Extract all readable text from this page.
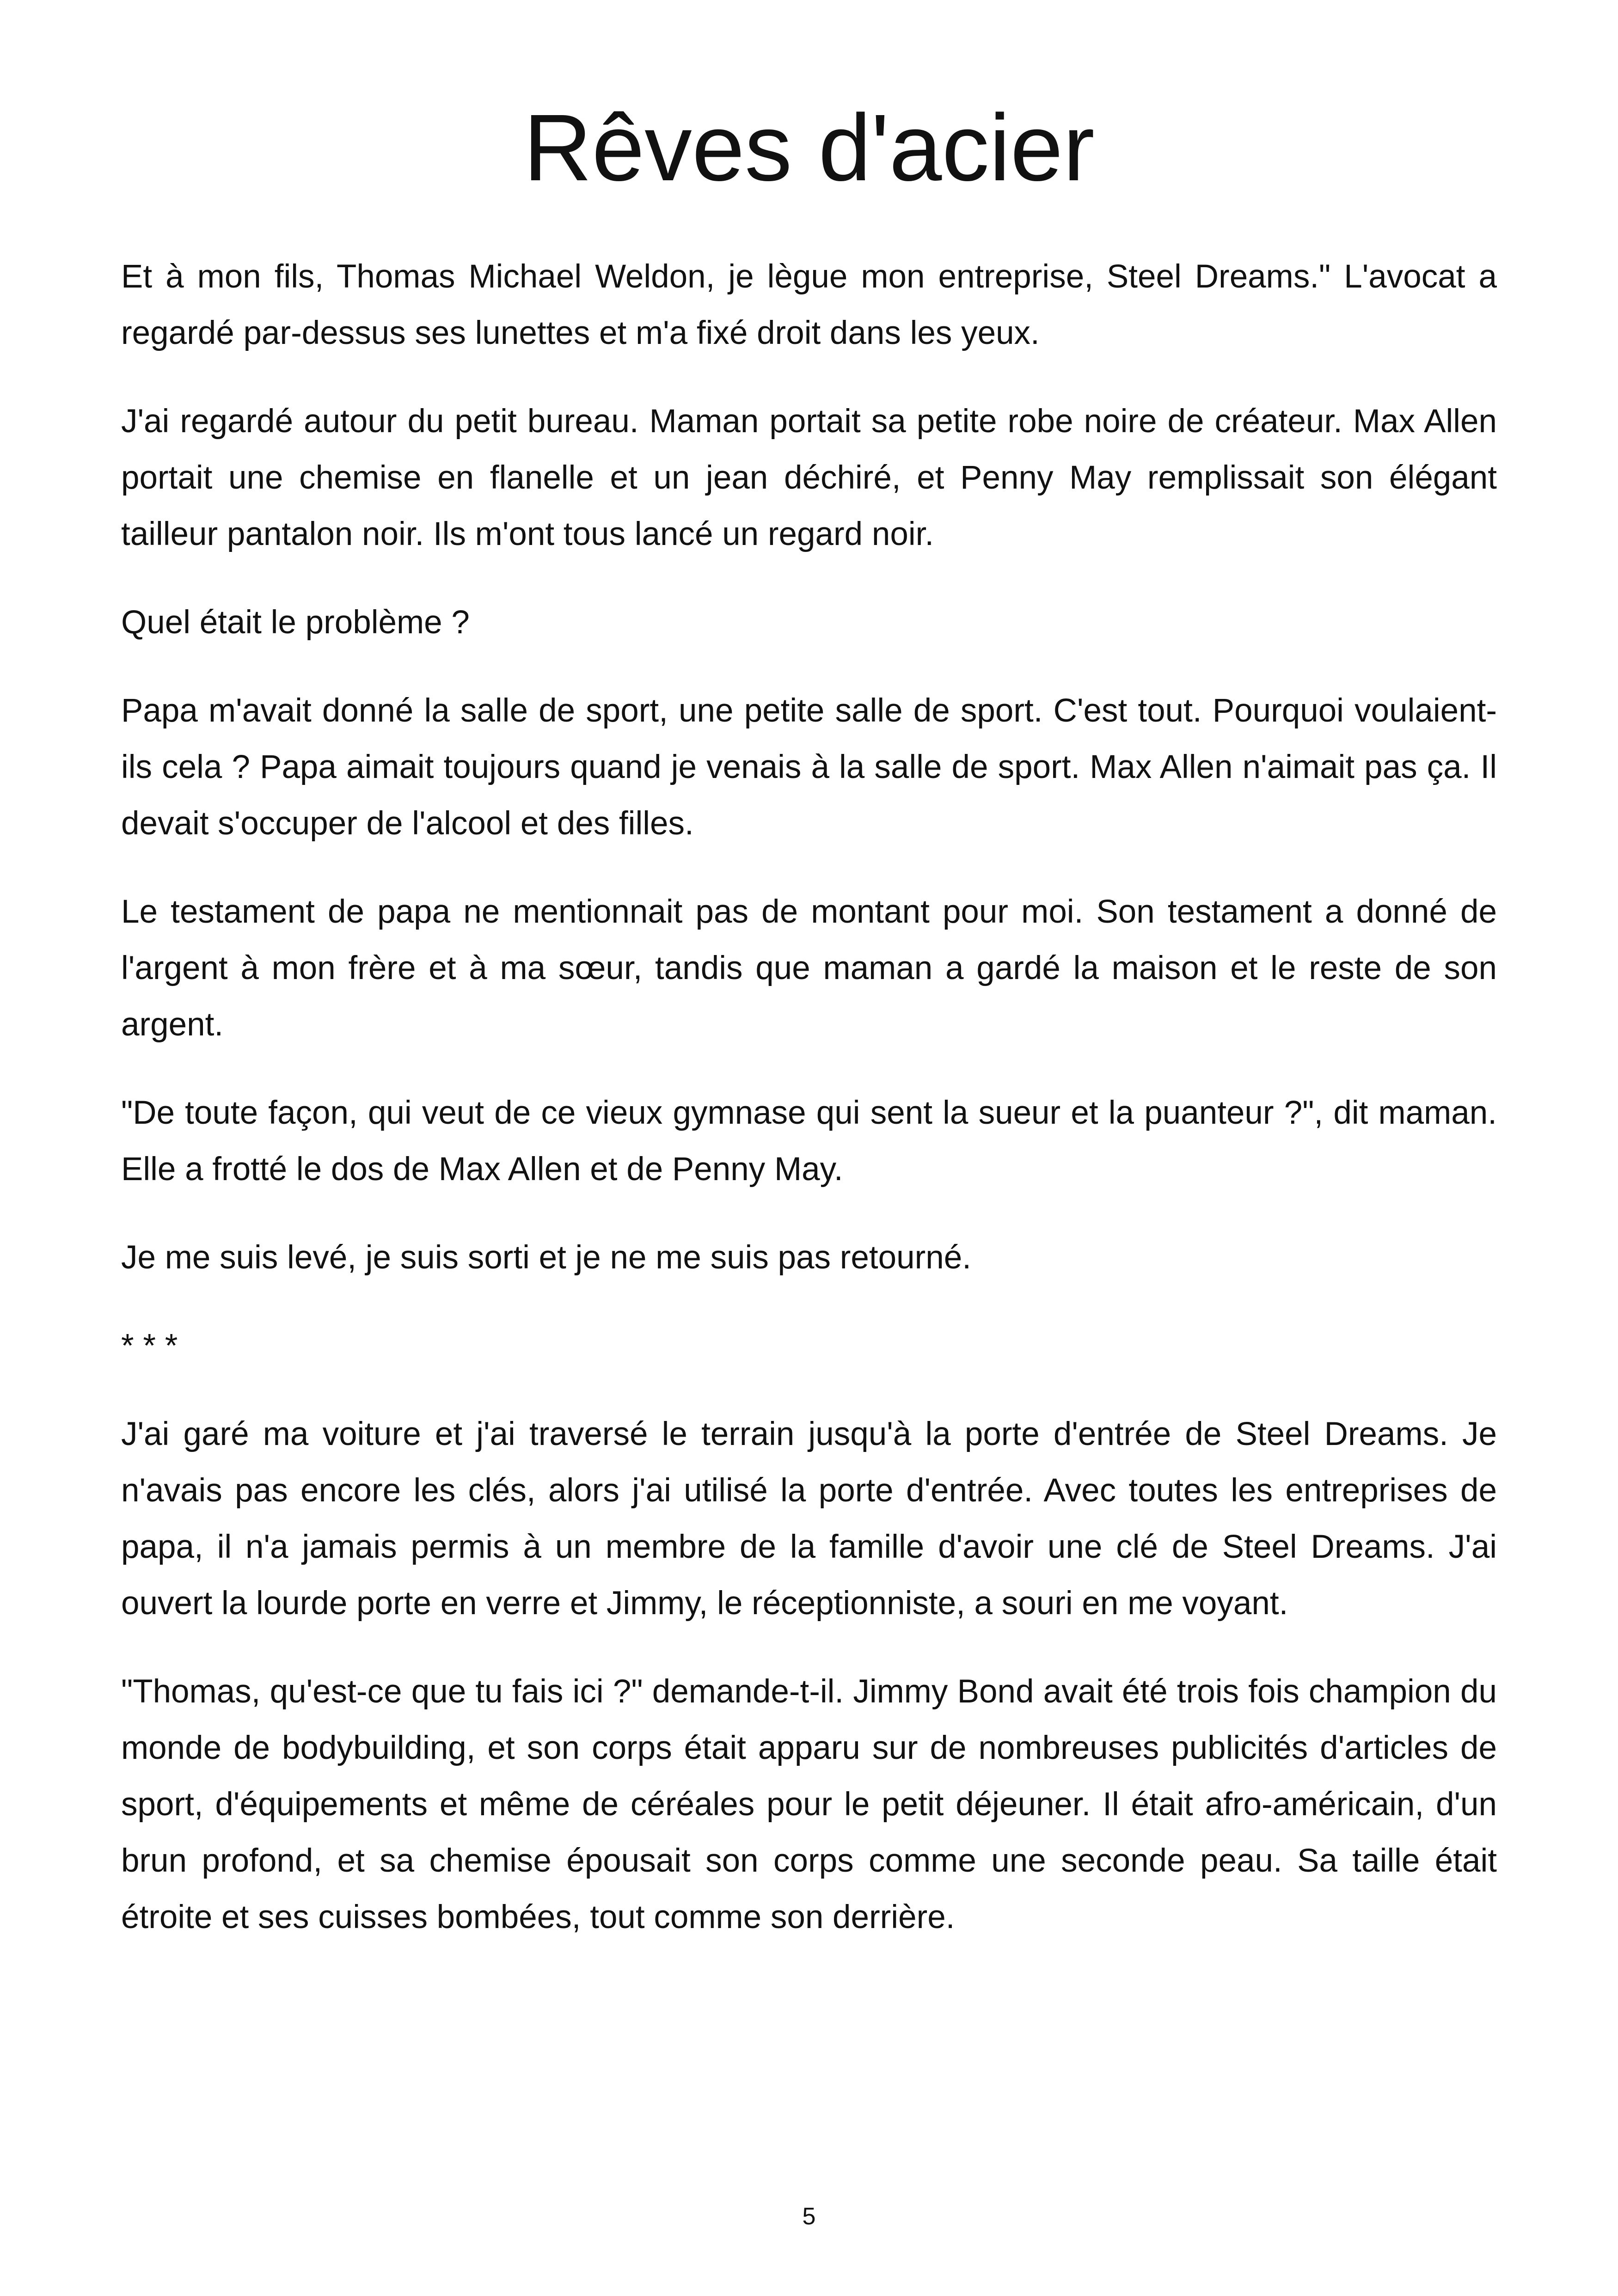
Rêves d'acier

Et à mon fils, Thomas Michael Weldon, je lègue mon entreprise, Steel Dreams." L'avocat a regardé par-dessus ses lunettes et m'a fixé droit dans les yeux.

J'ai regardé autour du petit bureau. Maman portait sa petite robe noire de créateur. Max Allen portait une chemise en flanelle et un jean déchiré, et Penny May remplissait son élégant tailleur pantalon noir. Ils m'ont tous lancé un regard noir.

Quel était le problème ?

Papa m'avait donné la salle de sport, une petite salle de sport. C'est tout. Pourquoi voulaient-ils cela ? Papa aimait toujours quand je venais à la salle de sport. Max Allen n'aimait pas ça. Il devait s'occuper de l'alcool et des filles.

Le testament de papa ne mentionnait pas de montant pour moi. Son testament a donné de l'argent à mon frère et à ma sœur, tandis que maman a gardé la maison et le reste de son argent.

"De toute façon, qui veut de ce vieux gymnase qui sent la sueur et la puanteur ?", dit maman. Elle a frotté le dos de Max Allen et de Penny May.

Je me suis levé, je suis sorti et je ne me suis pas retourné.

* * *

J'ai garé ma voiture et j'ai traversé le terrain jusqu'à la porte d'entrée de Steel Dreams. Je n'avais pas encore les clés, alors j'ai utilisé la porte d'entrée. Avec toutes les entreprises de papa, il n'a jamais permis à un membre de la famille d'avoir une clé de Steel Dreams. J'ai ouvert la lourde porte en verre et Jimmy, le réceptionniste, a souri en me voyant.

"Thomas, qu'est-ce que tu fais ici ?" demande-t-il. Jimmy Bond avait été trois fois champion du monde de bodybuilding, et son corps était apparu sur de nombreuses publicités d'articles de sport, d'équipements et même de céréales pour le petit déjeuner. Il était afro-américain, d'un brun profond, et sa chemise épousait son corps comme une seconde peau. Sa taille était étroite et ses cuisses bombées, tout comme son derrière.

5
